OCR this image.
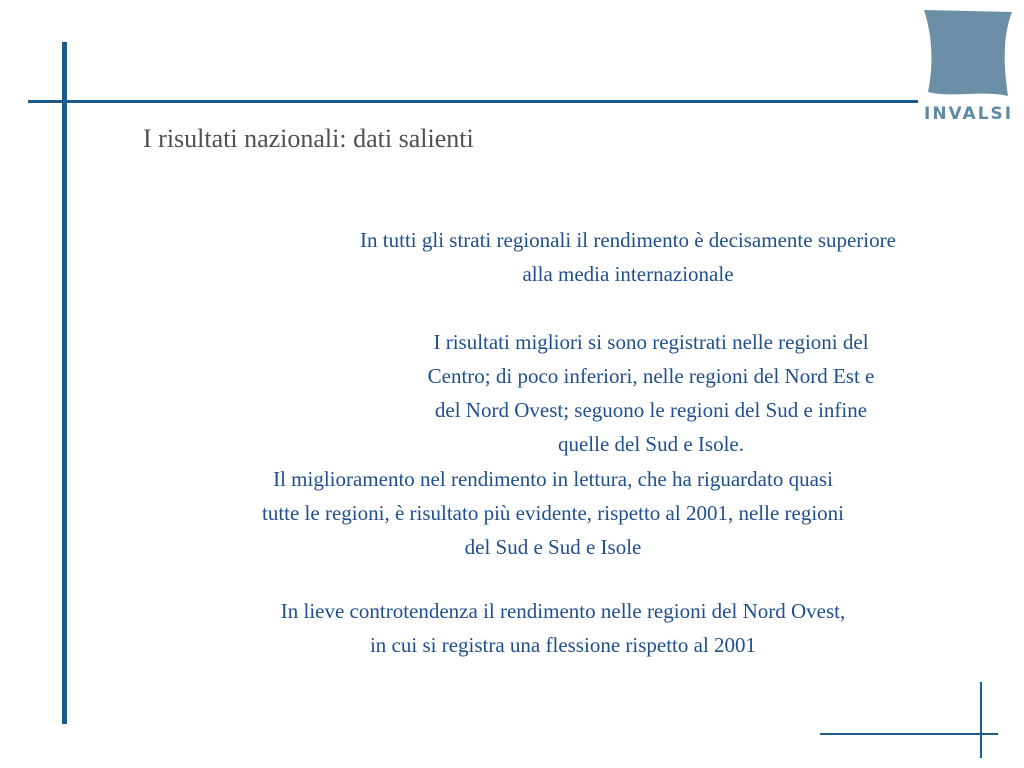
INVALSI
I risultati nazionali: dati salienti

In tutti gli strati regionali il rendimento è decisamente superiore
alla media internazionale

I risultati migliori si sono registrati nelle regioni del
Centro; di poco inferiori, nelle regioni del Nord Est e
del Nord Ovest; seguono le regioni del Sud e infine
quelle del Sud e Isole.

Il miglioramento nel rendimento in lettura, che ha riguardato quasi
tutte le regioni, è risultato più evidente, rispetto al 2001, nelle regioni
del Sud e Sud e Isole

In lieve controtendenza il rendimento nelle regioni del Nord Ovest,
in cui si registra una flessione rispetto al 2001
